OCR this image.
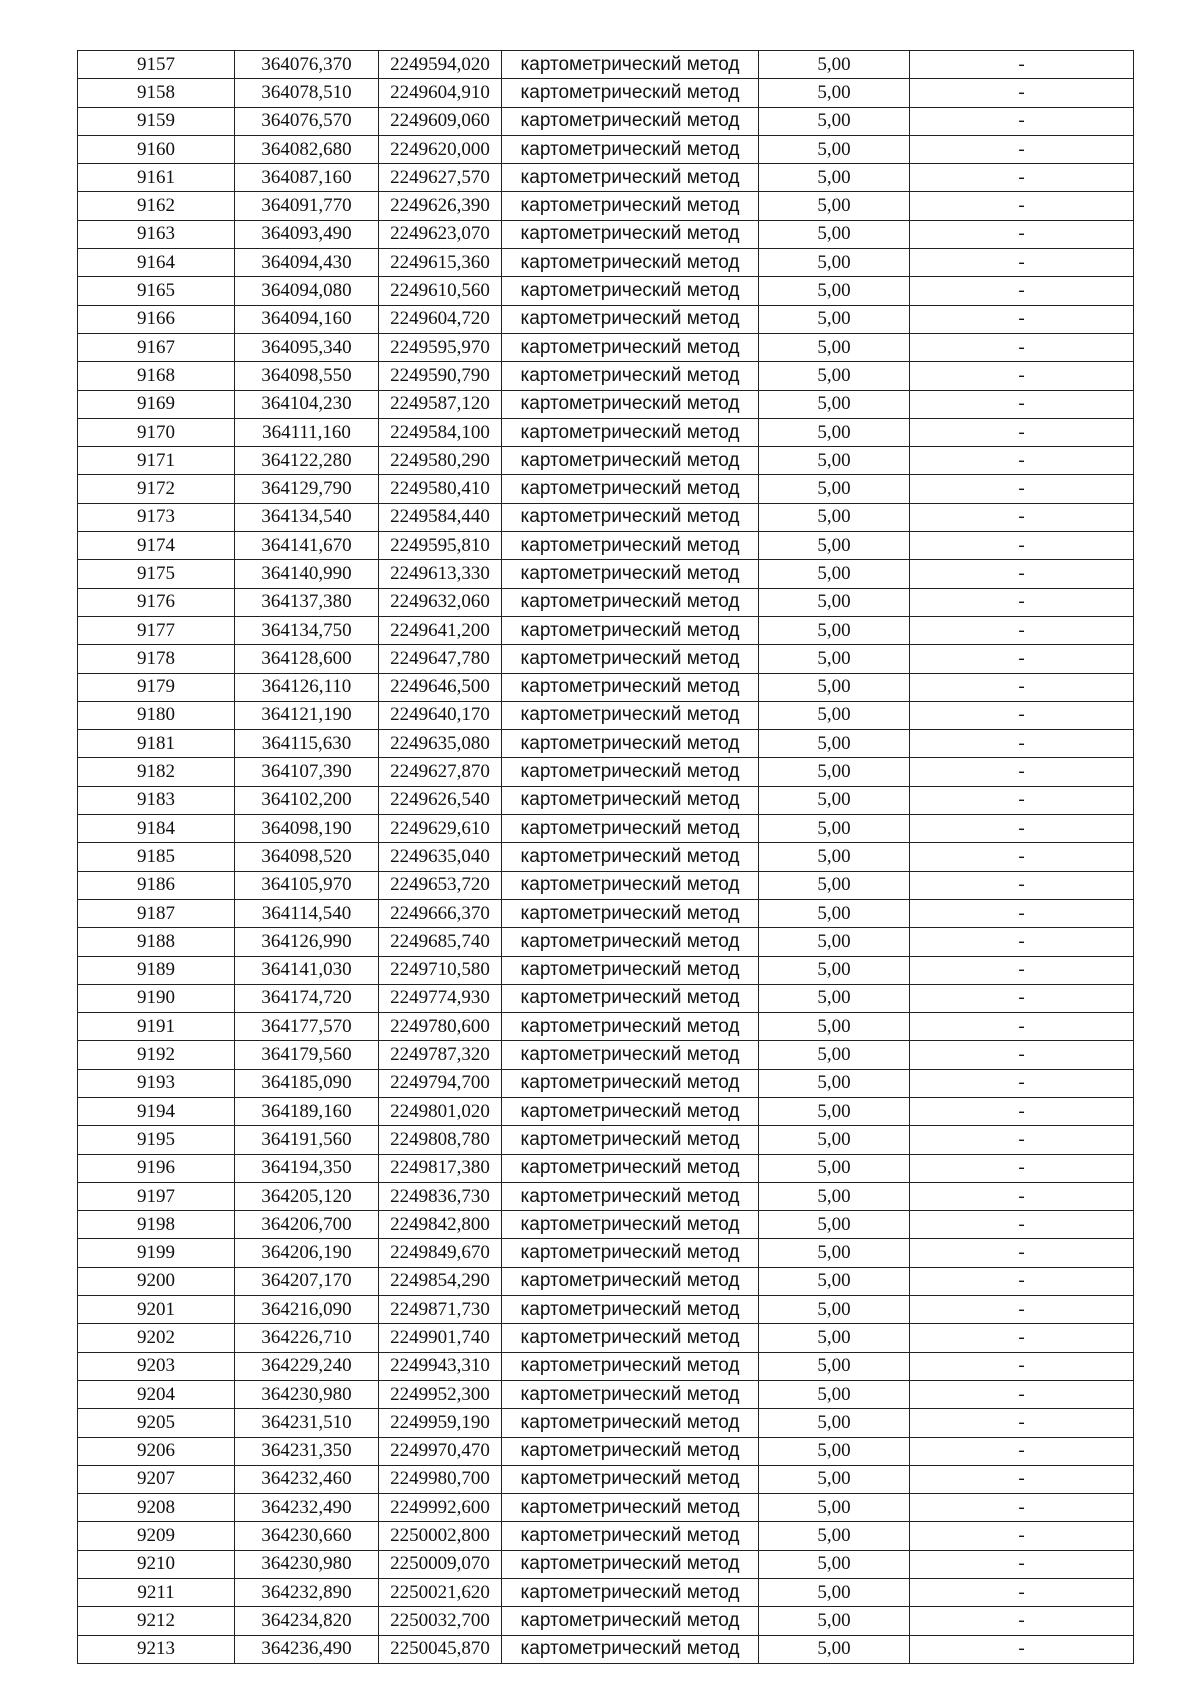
9157	364076,370	2249594,020	картометрический метод	5,00	-
9158	364078,510	2249604,910	картометрический метод	5,00	-
9159	364076,570	2249609,060	картометрический метод	5,00	-
9160	364082,680	2249620,000	картометрический метод	5,00	-
9161	364087,160	2249627,570	картометрический метод	5,00	-
9162	364091,770	2249626,390	картометрический метод	5,00	-
9163	364093,490	2249623,070	картометрический метод	5,00	-
9164	364094,430	2249615,360	картометрический метод	5,00	-
9165	364094,080	2249610,560	картометрический метод	5,00	-
9166	364094,160	2249604,720	картометрический метод	5,00	-
9167	364095,340	2249595,970	картометрический метод	5,00	-
9168	364098,550	2249590,790	картометрический метод	5,00	-
9169	364104,230	2249587,120	картометрический метод	5,00	-
9170	364111,160	2249584,100	картометрический метод	5,00	-
9171	364122,280	2249580,290	картометрический метод	5,00	-
9172	364129,790	2249580,410	картометрический метод	5,00	-
9173	364134,540	2249584,440	картометрический метод	5,00	-
9174	364141,670	2249595,810	картометрический метод	5,00	-
9175	364140,990	2249613,330	картометрический метод	5,00	-
9176	364137,380	2249632,060	картометрический метод	5,00	-
9177	364134,750	2249641,200	картометрический метод	5,00	-
9178	364128,600	2249647,780	картометрический метод	5,00	-
9179	364126,110	2249646,500	картометрический метод	5,00	-
9180	364121,190	2249640,170	картометрический метод	5,00	-
9181	364115,630	2249635,080	картометрический метод	5,00	-
9182	364107,390	2249627,870	картометрический метод	5,00	-
9183	364102,200	2249626,540	картометрический метод	5,00	-
9184	364098,190	2249629,610	картометрический метод	5,00	-
9185	364098,520	2249635,040	картометрический метод	5,00	-
9186	364105,970	2249653,720	картометрический метод	5,00	-
9187	364114,540	2249666,370	картометрический метод	5,00	-
9188	364126,990	2249685,740	картометрический метод	5,00	-
9189	364141,030	2249710,580	картометрический метод	5,00	-
9190	364174,720	2249774,930	картометрический метод	5,00	-
9191	364177,570	2249780,600	картометрический метод	5,00	-
9192	364179,560	2249787,320	картометрический метод	5,00	-
9193	364185,090	2249794,700	картометрический метод	5,00	-
9194	364189,160	2249801,020	картометрический метод	5,00	-
9195	364191,560	2249808,780	картометрический метод	5,00	-
9196	364194,350	2249817,380	картометрический метод	5,00	-
9197	364205,120	2249836,730	картометрический метод	5,00	-
9198	364206,700	2249842,800	картометрический метод	5,00	-
9199	364206,190	2249849,670	картометрический метод	5,00	-
9200	364207,170	2249854,290	картометрический метод	5,00	-
9201	364216,090	2249871,730	картометрический метод	5,00	-
9202	364226,710	2249901,740	картометрический метод	5,00	-
9203	364229,240	2249943,310	картометрический метод	5,00	-
9204	364230,980	2249952,300	картометрический метод	5,00	-
9205	364231,510	2249959,190	картометрический метод	5,00	-
9206	364231,350	2249970,470	картометрический метод	5,00	-
9207	364232,460	2249980,700	картометрический метод	5,00	-
9208	364232,490	2249992,600	картометрический метод	5,00	-
9209	364230,660	2250002,800	картометрический метод	5,00	-
9210	364230,980	2250009,070	картометрический метод	5,00	-
9211	364232,890	2250021,620	картометрический метод	5,00	-
9212	364234,820	2250032,700	картометрический метод	5,00	-
9213	364236,490	2250045,870	картометрический метод	5,00	-
